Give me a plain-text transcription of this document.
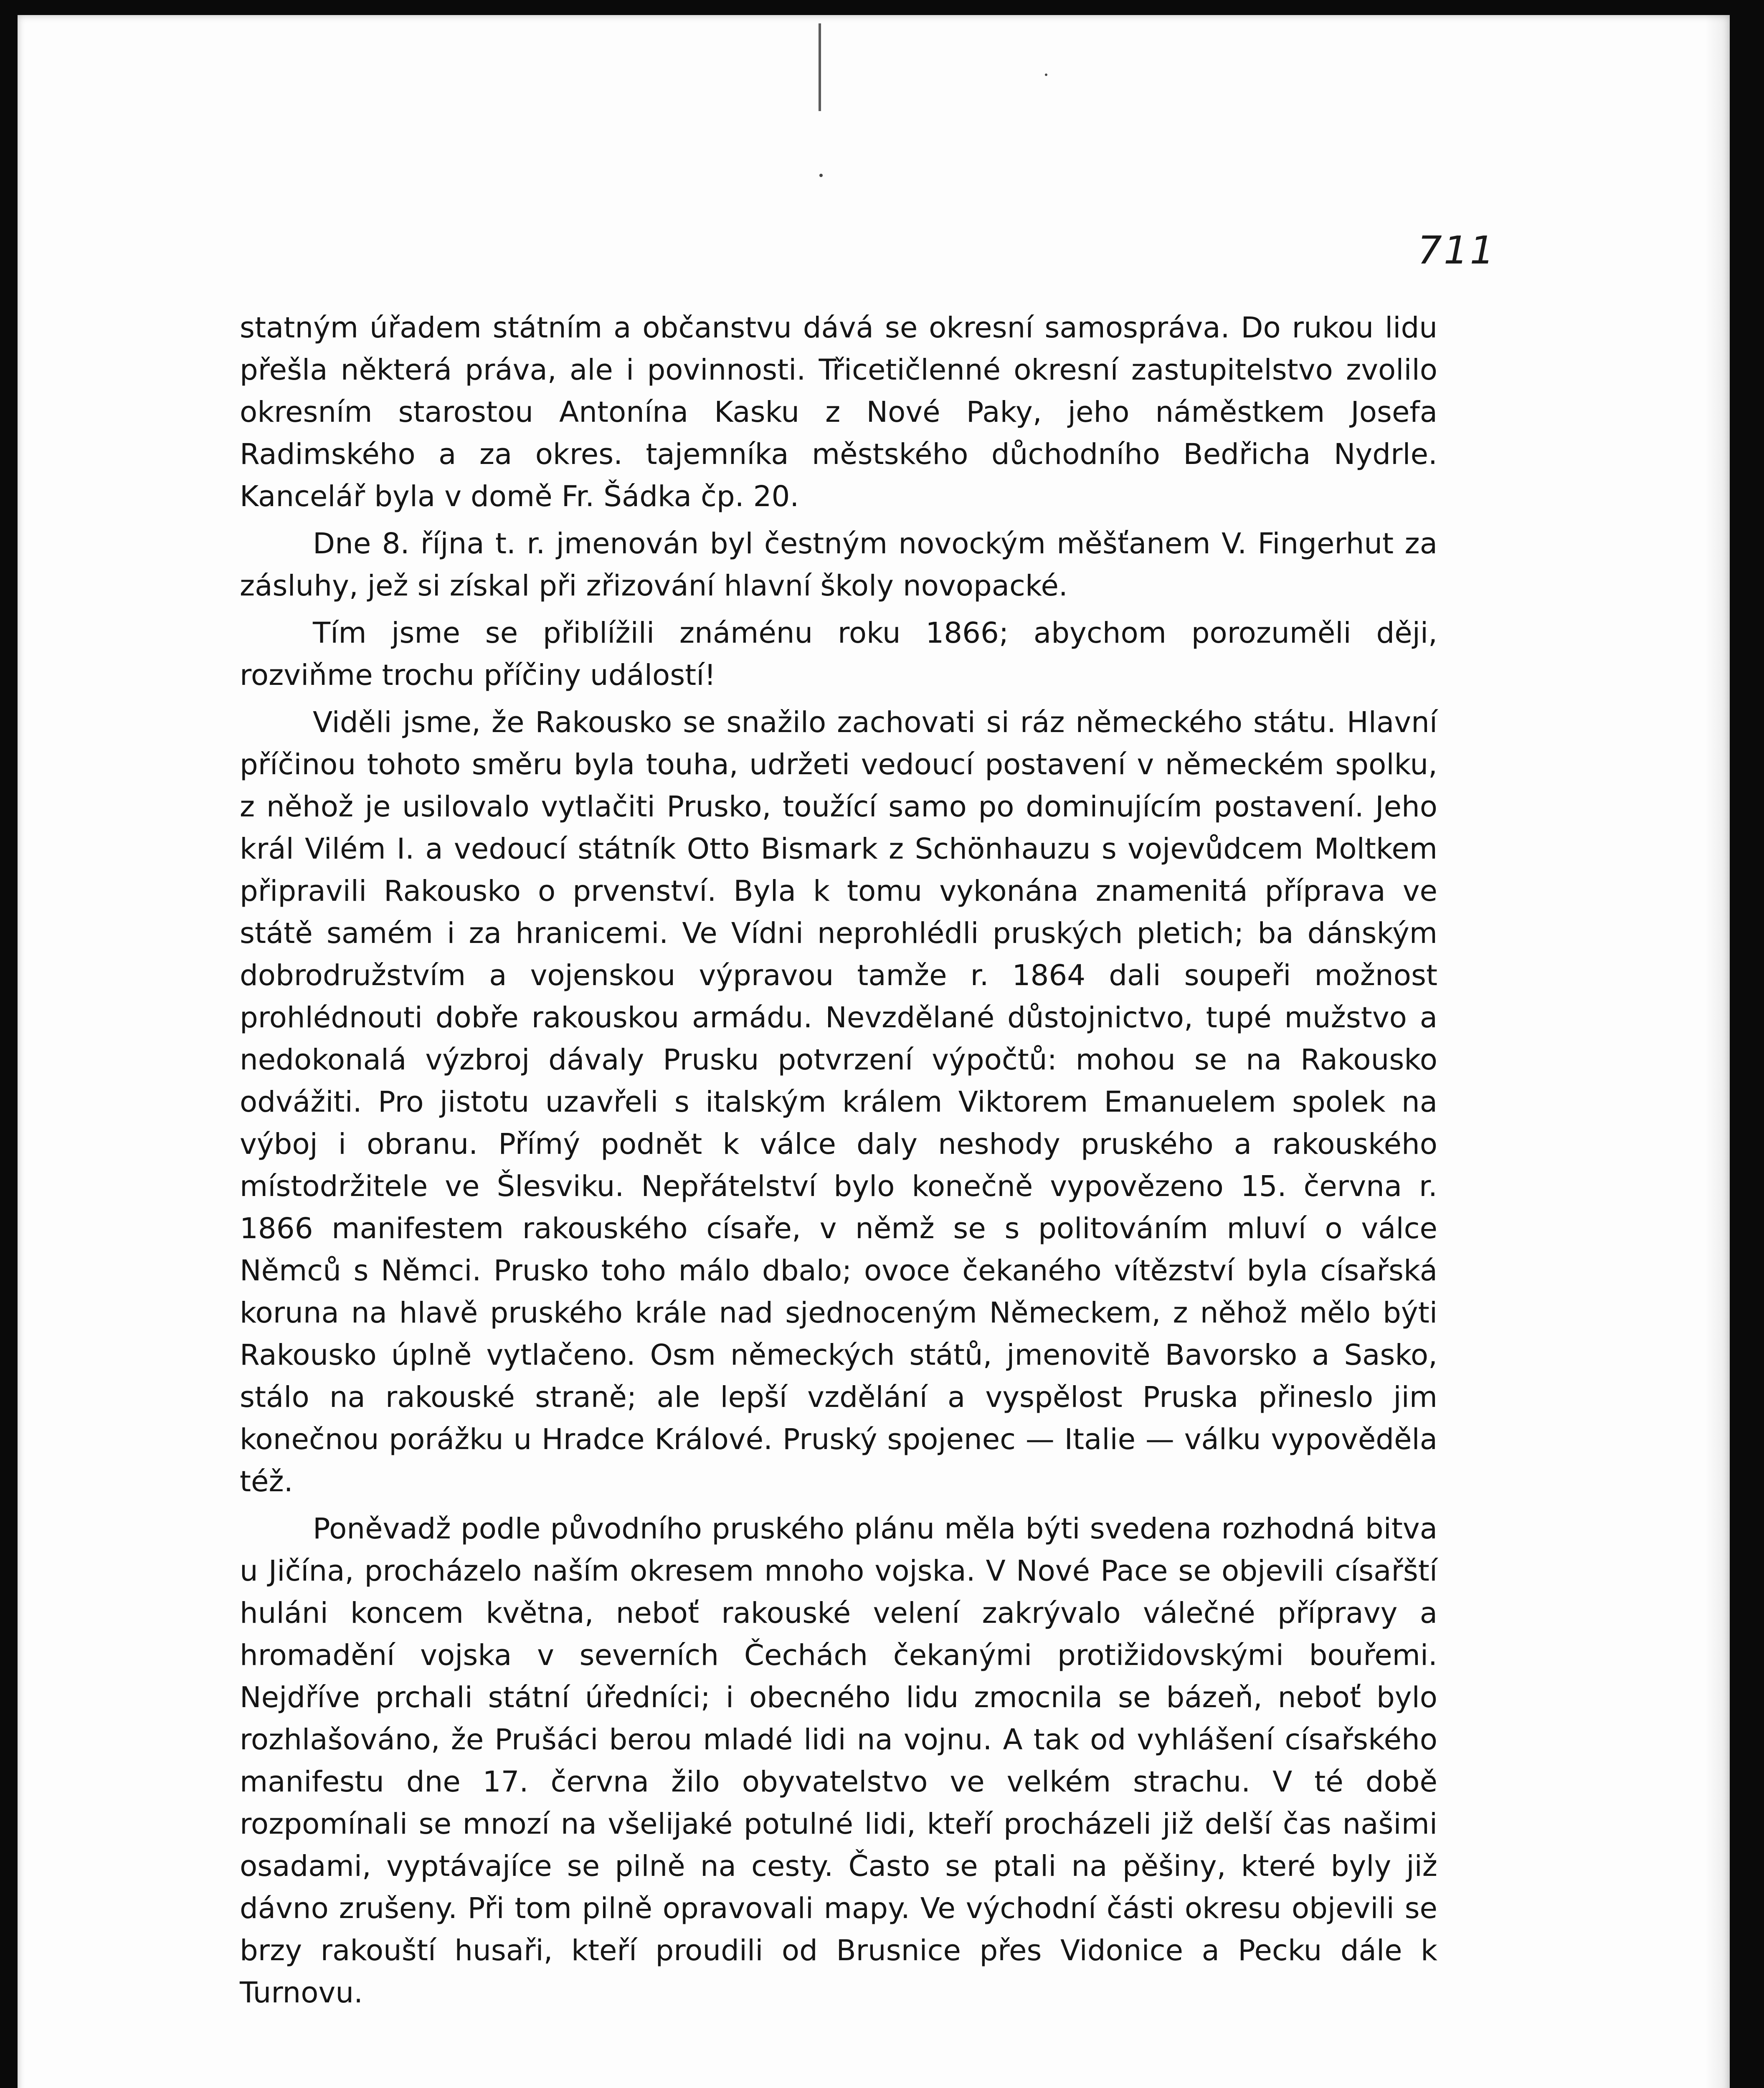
711

statným úřadem státním a občanstvu dává se okresní samospráva. Do rukou lidu přešla některá práva, ale i povinnosti. Třicetičlenné okresní zastupitelstvo zvolilo okresním starostou Antonína Kasku z Nové Paky, jeho náměstkem Josefa Radimského a za okres. tajemníka městského důchodního Bedřicha Nydrle. Kancelář byla v domě Fr. Šádka čp. 20.

Dne 8. října t. r. jmenován byl čestným novockým měšťanem V. Fingerhut za zásluhy, jež si získal při zřizování hlavní školy novopacké.

Tím jsme se přiblížili známénu roku 1866; abychom porozuměli ději, rozviňme trochu příčiny událostí!

Viděli jsme, že Rakousko se snažilo zachovati si ráz německého státu. Hlavní příčinou tohoto směru byla touha, udržeti vedoucí postavení v německém spolku, z něhož je usilovalo vytlačiti Prusko, toužící samo po dominujícím postavení. Jeho král Vilém I. a vedoucí státník Otto Bismark z Schönhauzu s vojevůdcem Moltkem připravili Rakousko o prvenství. Byla k tomu vykonána znamenitá příprava ve státě samém i za hranicemi. Ve Vídni neprohlédli pruských pletich; ba dánským dobrodružstvím a vojenskou výpravou tamže r. 1864 dali soupeři možnost prohlédnouti dobře rakouskou armádu. Nevzdělané důstojnictvo, tupé mužstvo a nedokonalá výzbroj dávaly Prusku potvrzení výpočtů: mohou se na Rakousko odvážiti. Pro jistotu uzavřeli s italským králem Viktorem Emanuelem spolek na výboj i obranu. Přímý podnět k válce daly neshody pruského a rakouského místodržitele ve Šlesviku. Nepřátelství bylo konečně vypovězeno 15. června r. 1866 manifestem rakouského císaře, v němž se s politováním mluví o válce Němců s Němci. Prusko toho málo dbalo; ovoce čekaného vítězství byla císařská koruna na hlavě pruského krále nad sjednoceným Německem, z něhož mělo býti Rakousko úplně vytlačeno. Osm německých států, jmenovitě Bavorsko a Sasko, stálo na rakouské straně; ale lepší vzdělání a vyspělost Pruska přineslo jim konečnou porážku u Hradce Králové. Pruský spojenec — Italie — válku vypověděla též.

Poněvadž podle původního pruského plánu měla býti svedena rozhodná bitva u Jičína, procházelo naším okresem mnoho vojska. V Nové Pace se objevili císařští huláni koncem května, neboť rakouské velení zakrývalo válečné přípravy a hromadění vojska v severních Čechách čekanými protižidovskými bouřemi. Nejdříve prchali státní úředníci; i obecného lidu zmocnila se bázeň, neboť bylo rozhlašováno, že Prušáci berou mladé lidi na vojnu. A tak od vyhlášení císařského manifestu dne 17. června žilo obyvatelstvo ve velkém strachu. V té době rozpomínali se mnozí na všelijaké potulné lidi, kteří procházeli již delší čas našimi osadami, vyptávajíce se pilně na cesty. Často se ptali na pěšiny, které byly již dávno zrušeny. Při tom pilně opravovali mapy. Ve východní části okresu objevili se brzy rakouští husaři, kteří proudili od Brusnice přes Vidonice a Pecku dále k Turnovu.
